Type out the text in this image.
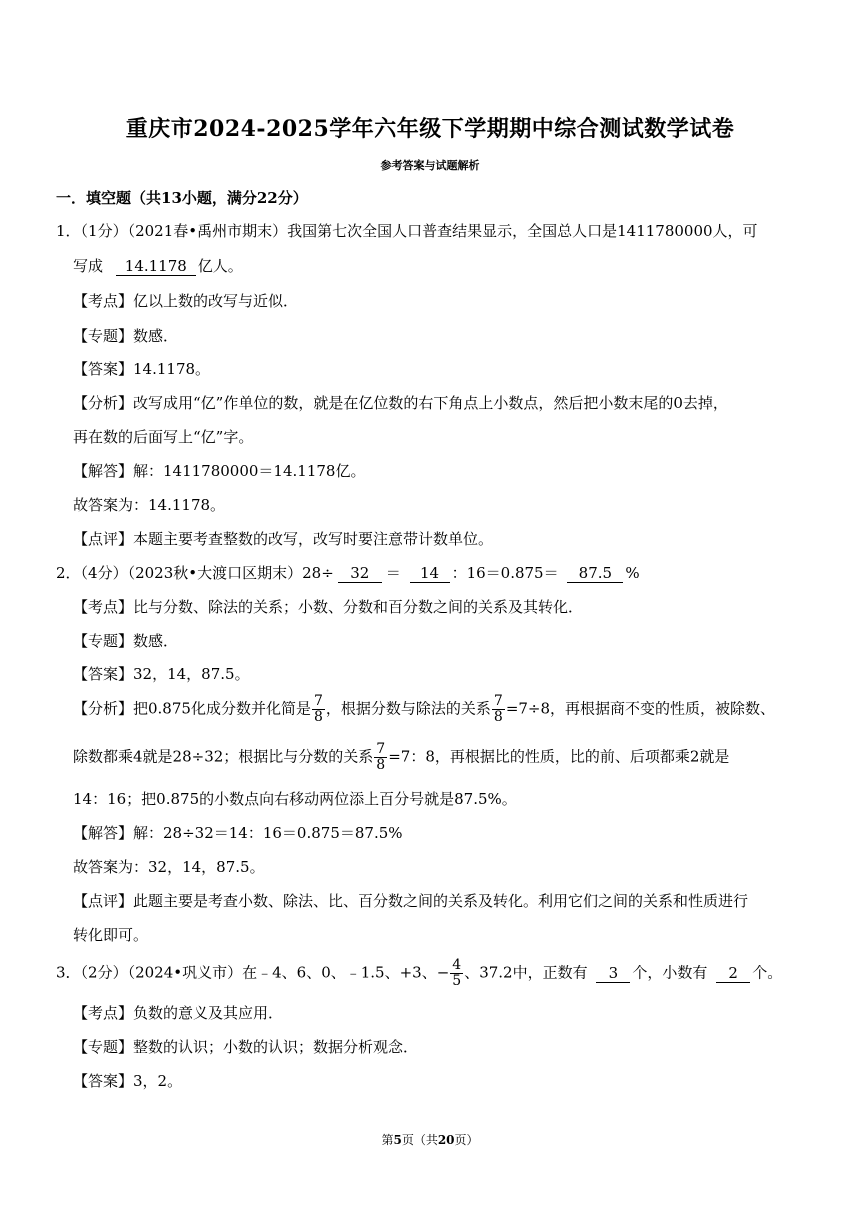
重庆市2024-2025学年六年级下学期期中综合测试数学试卷
参考答案与试题解析
一．填空题（共13小题，满分22分）
1．（1分）（2021春•禹州市期末）我国第七次全国人口普查结果显示，全国总人口是1411780000人，可
写成 14.1178 亿人。
【考点】亿以上数的改写与近似．
【专题】数感．
【答案】14.1178。
【分析】改写成用“亿”作单位的数，就是在亿位数的右下角点上小数点，然后把小数末尾的0去掉，
再在数的后面写上“亿”字。
【解答】解：1411780000＝14.1178亿。
故答案为：14.1178。
【点评】本题主要考查整数的改写，改写时要注意带计数单位。
2．（4分）（2023秋•大渡口区期末）28÷ 32 ＝ 14 ：16＝0.875＝ 87.5 %
【考点】比与分数、除法的关系；小数、分数和百分数之间的关系及其转化．
【专题】数感．
【答案】32，14，87.5。
【分析】把0.875化成分数并化简是 $\frac{7}{8}$ ，根据分数与除法的关系 $\frac{7}{8} =7\div 8$，再根据商不变的性质，被除数、
除数都乘4就是28÷32；根据比与分数的关系 $\frac{7}{8} =7$：8，再根据比的性质，比的前、后项都乘2就是
14：16；把0.875的小数点向右移动两位添上百分号就是87.5%。
【解答】解：28÷32＝14：16＝0.875＝87.5%
故答案为：32，14，87.5。
【点评】此题主要是考查小数、除法、比、百分数之间的关系及转化。利用它们之间的关系和性质进行
转化即可。
3．（2分）（2024•巩义市）在﹣4、6、0、﹣1.5、+3、− $\frac{4}{5}$ 、37.2中，正数有 3 个，小数有 2 个。
【考点】负数的意义及其应用．
【专题】整数的认识；小数的认识；数据分析观念．
【答案】3，2。
第5页（共20页）
